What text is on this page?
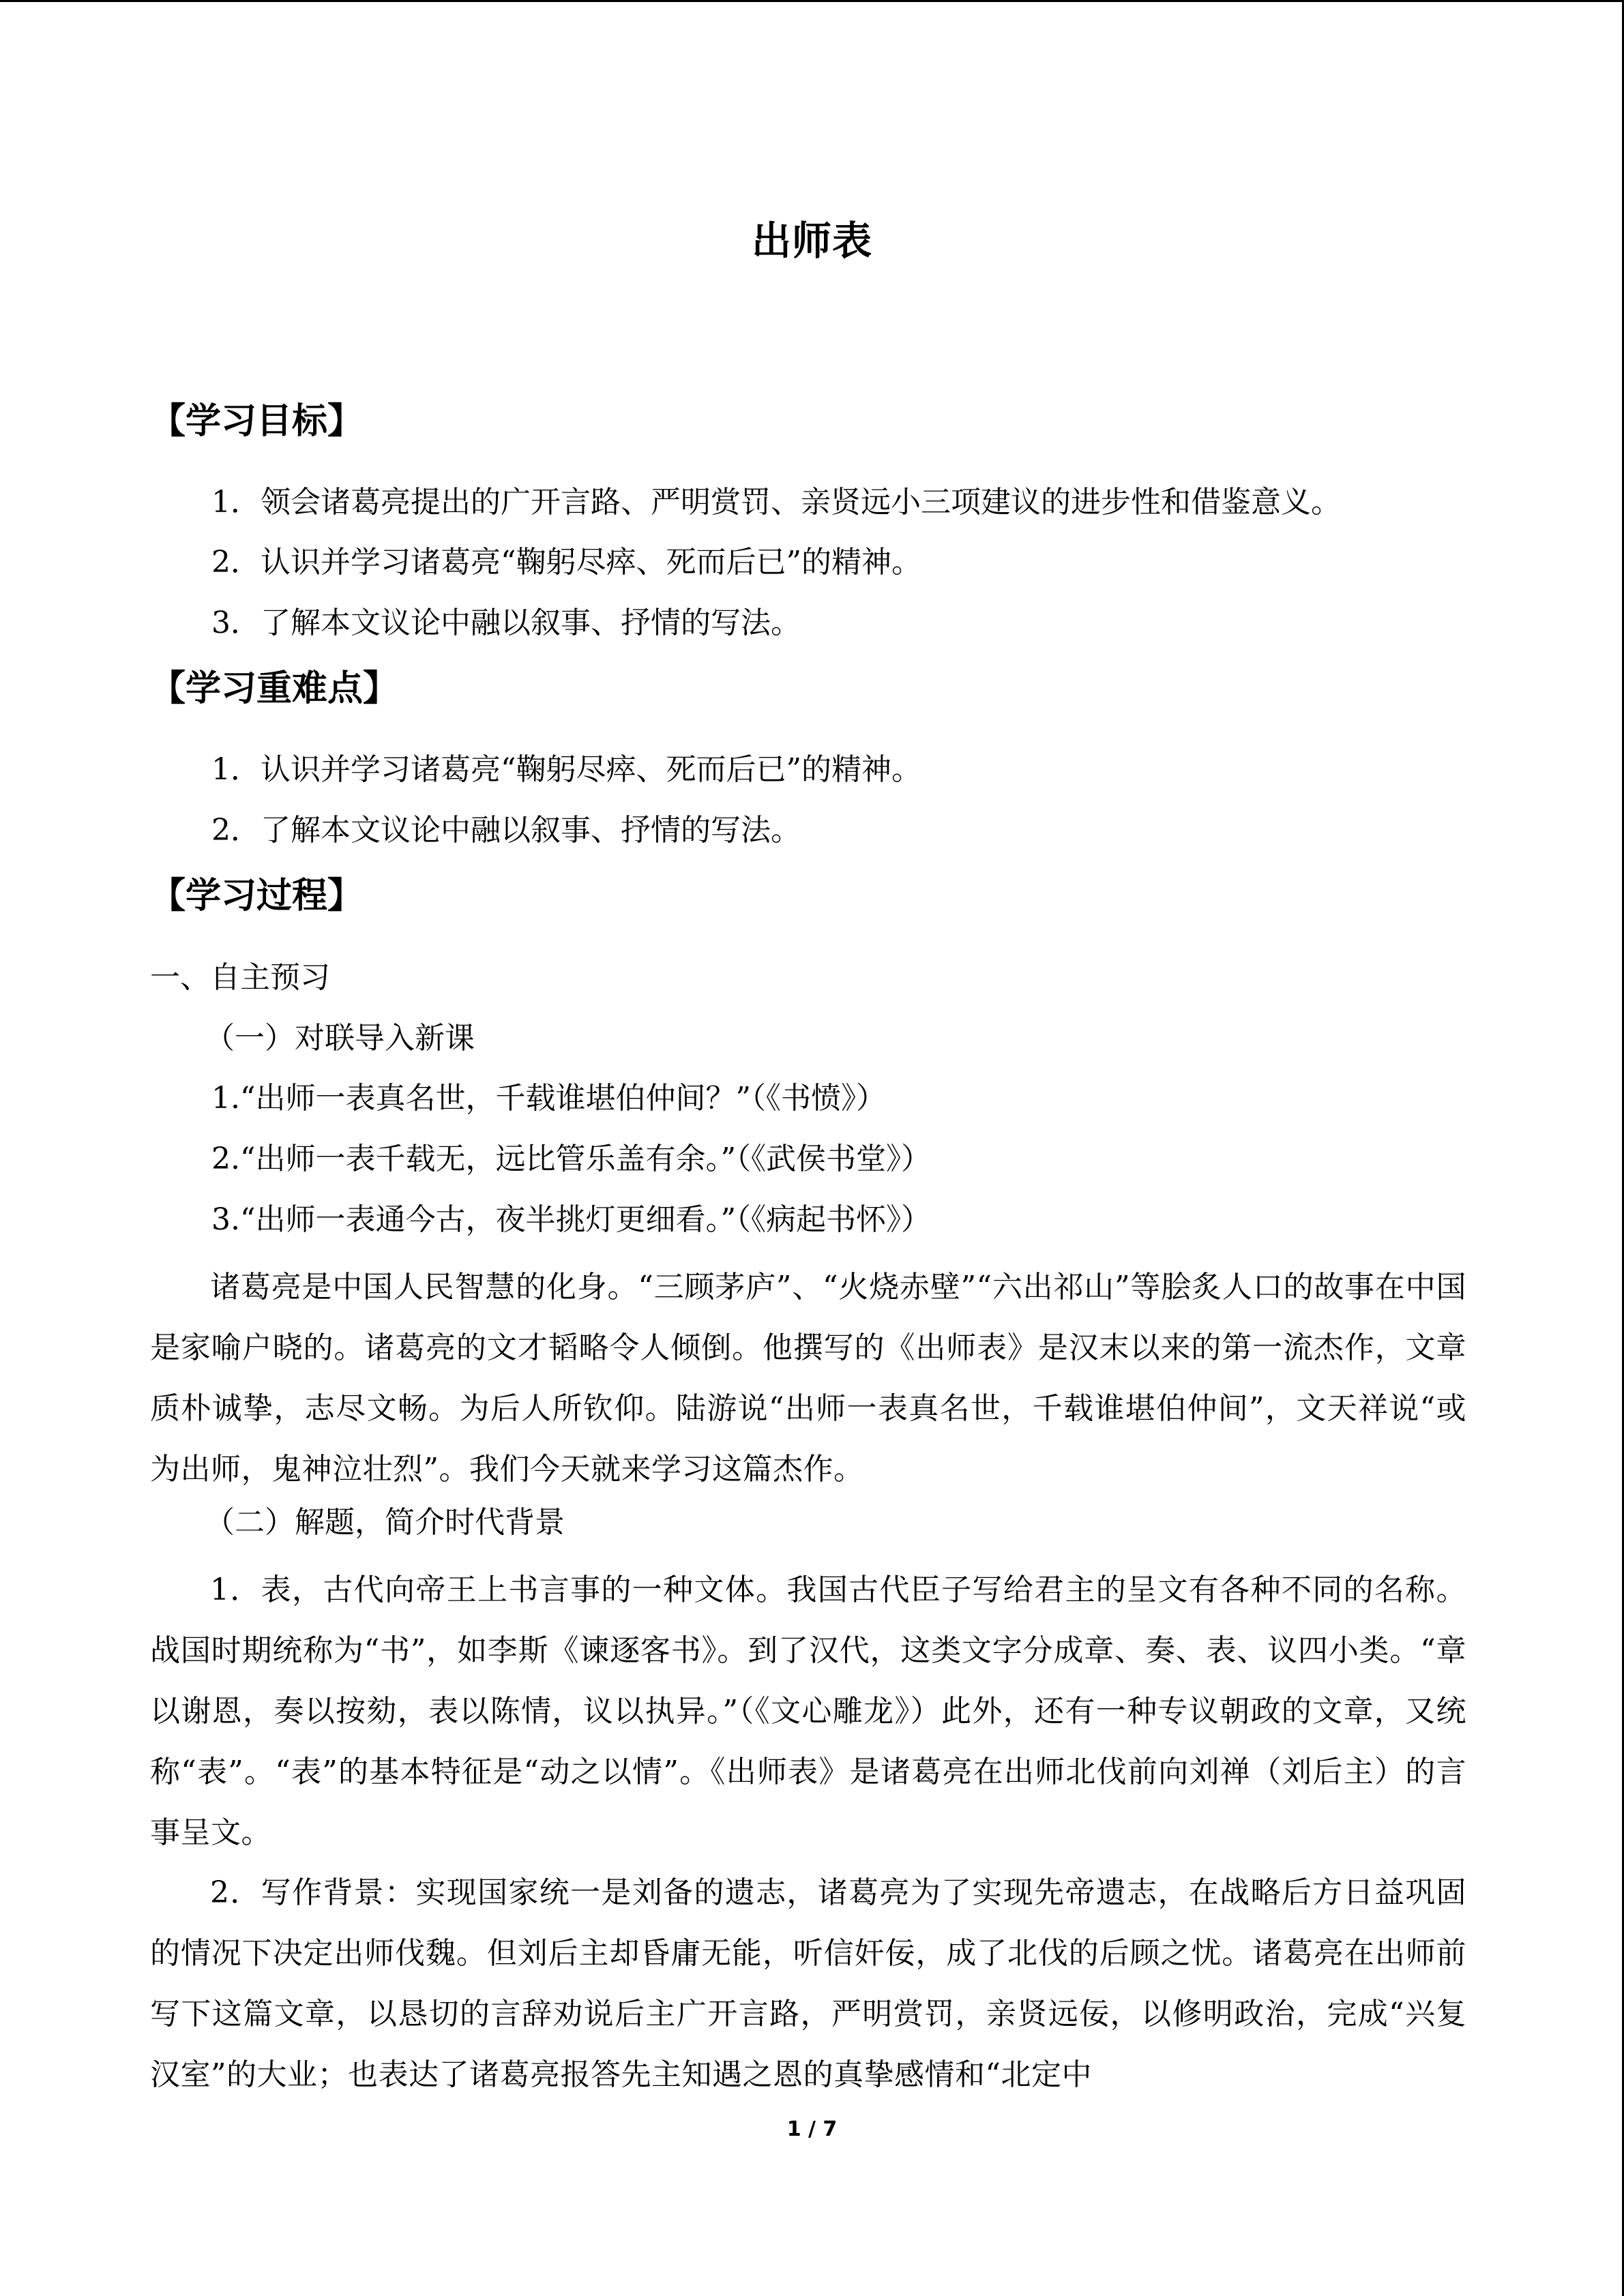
出师表
【学习目标】
1．领会诸葛亮提出的广开言路、严明赏罚、亲贤远小三项建议的进步性和借鉴意义。
2．认识并学习诸葛亮“鞠躬尽瘁、死而后已”的精神。
3．了解本文议论中融以叙事、抒情的写法。
【学习重难点】
1．认识并学习诸葛亮“鞠躬尽瘁、死而后已”的精神。
2．了解本文议论中融以叙事、抒情的写法。
【学习过程】
一、自主预习
（一）对联导入新课
1.“出师一表真名世，千载谁堪伯仲间？”（《书愤》）
2.“出师一表千载无，远比管乐盖有余。”（《武侯书堂》）
3.“出师一表通今古，夜半挑灯更细看。”（《病起书怀》）
诸葛亮是中国人民智慧的化身。“三顾茅庐”、“火烧赤壁”“六出祁山”等脍炙人口的故事在中国是家喻户晓的。诸葛亮的文才韬略令人倾倒。他撰写的《出师表》是汉末以来的第一流杰作，文章质朴诚挚，志尽文畅。为后人所钦仰。陆游说“出师一表真名世，千载谁堪伯仲间”，文天祥说“或为出师，鬼神泣壮烈”。我们今天就来学习这篇杰作。
（二）解题，简介时代背景
1．表，古代向帝王上书言事的一种文体。我国古代臣子写给君主的呈文有各种不同的名称。战国时期统称为“书”，如李斯《谏逐客书》。到了汉代，这类文字分成章、奏、表、议四小类。“章以谢恩，奏以按劾，表以陈情，议以执异。”（《文心雕龙》）此外，还有一种专议朝政的文章，又统称“表”。“表”的基本特征是“动之以情”。《出师表》是诸葛亮在出师北伐前向刘禅（刘后主）的言事呈文。
2．写作背景：实现国家统一是刘备的遗志，诸葛亮为了实现先帝遗志，在战略后方日益巩固的情况下决定出师伐魏。但刘后主却昏庸无能，听信奸佞，成了北伐的后顾之忧。诸葛亮在出师前写下这篇文章，以恳切的言辞劝说后主广开言路，严明赏罚，亲贤远佞，以修明政治，完成“兴复汉室”的大业；也表达了诸葛亮报答先主知遇之恩的真挚感情和“北定中
1 / 7
